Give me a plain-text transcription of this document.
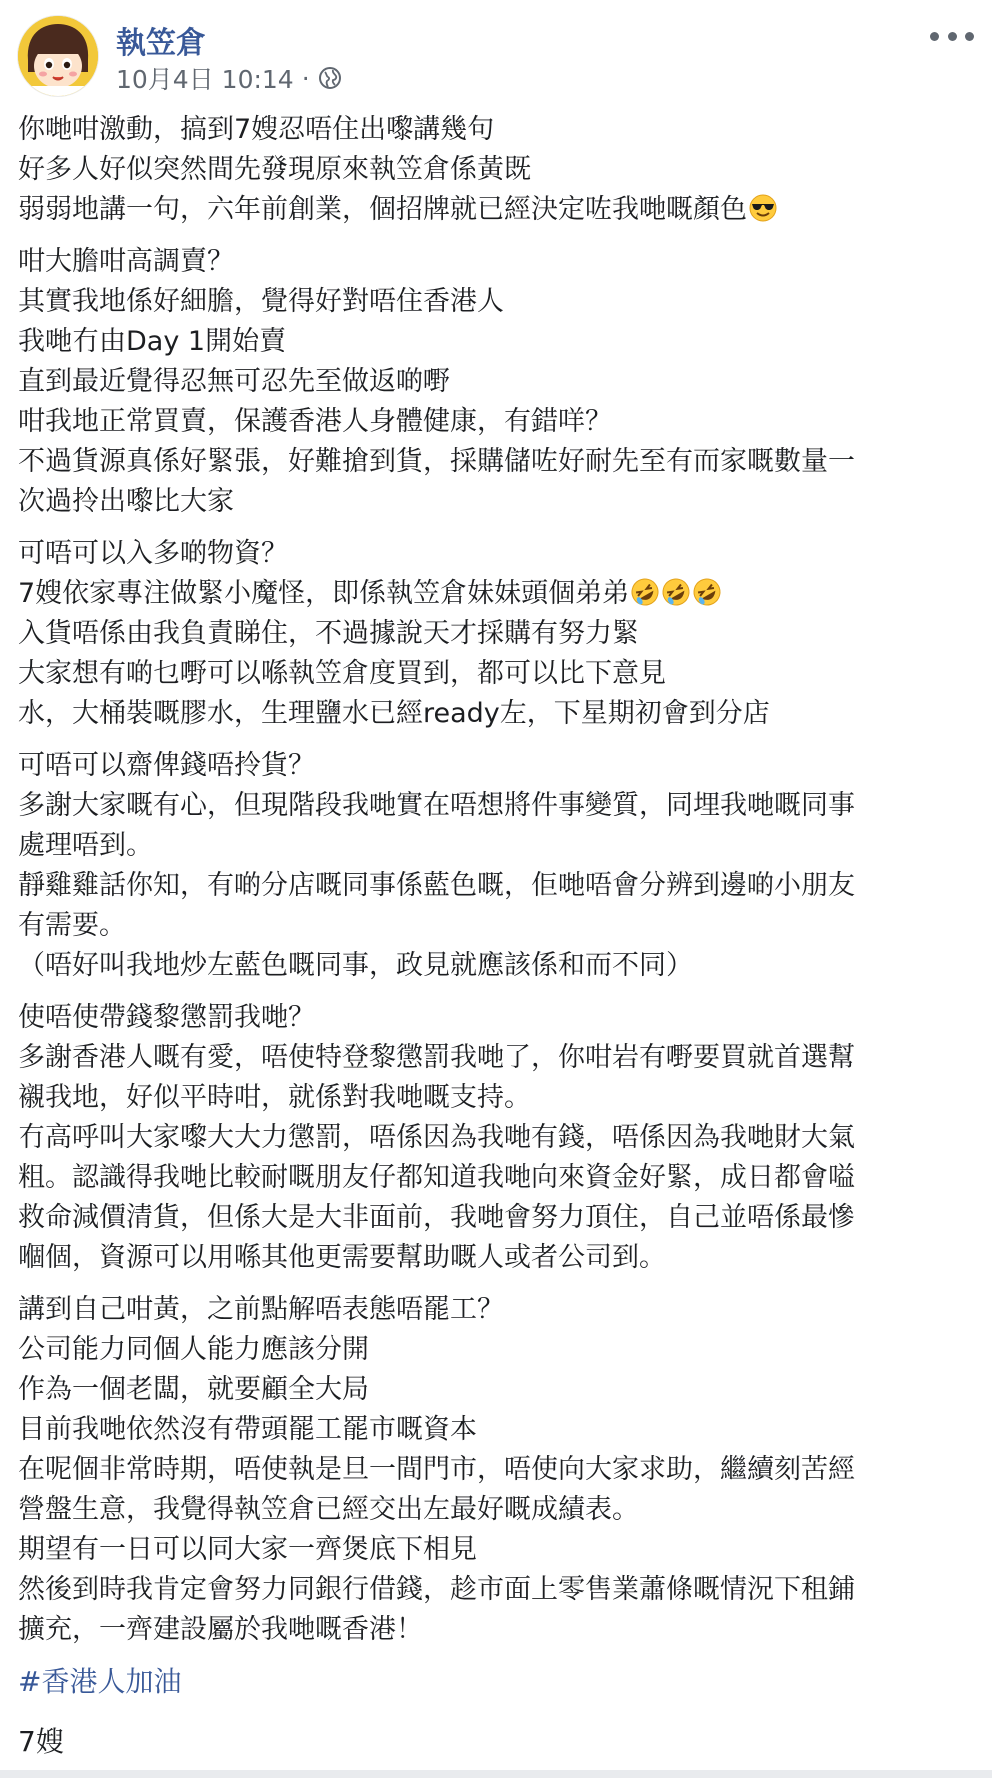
執笠倉
10月4日 10:14 ·
你哋咁激動，搞到7嫂忍唔住出嚟講幾句
好多人好似突然間先發現原來執笠倉係黃既
弱弱地講一句，六年前創業，個招牌就已經決定咗我哋嘅顏色
咁大膽咁高調賣？
其實我地係好細膽，覺得好對唔住香港人
我哋冇由Day 1開始賣
直到最近覺得忍無可忍先至做返啲嘢
咁我地正常買賣，保護香港人身體健康，有錯咩？
不過貨源真係好緊張，好難搶到貨，採購儲咗好耐先至有而家嘅數量一
次過拎出嚟比大家
可唔可以入多啲物資？
7嫂依家專注做緊小魔怪，即係執笠倉妹妹頭個弟弟
入貨唔係由我負責睇住，不過據說天才採購有努力緊
大家想有啲乜嘢可以喺執笠倉度買到，都可以比下意見
水，大桶裝嘅膠水，生理鹽水已經ready左，下星期初會到分店
可唔可以齋俾錢唔拎貨？
多謝大家嘅有心，但現階段我哋實在唔想將件事變質，同埋我哋嘅同事
處理唔到。
靜雞雞話你知，有啲分店嘅同事係藍色嘅，佢哋唔會分辨到邊啲小朋友
有需要。
（唔好叫我地炒左藍色嘅同事，政見就應該係和而不同）
使唔使帶錢黎懲罰我哋？
多謝香港人嘅有愛，唔使特登黎懲罰我哋了，你咁岩有嘢要買就首選幫
襯我地，好似平時咁，就係對我哋嘅支持。
冇高呼叫大家嚟大大力懲罰，唔係因為我哋有錢，唔係因為我哋財大氣
粗。認識得我哋比較耐嘅朋友仔都知道我哋向來資金好緊，成日都會嗌
救命減價清貨，但係大是大非面前，我哋會努力頂住，自己並唔係最慘
嗰個，資源可以用喺其他更需要幫助嘅人或者公司到。
講到自己咁黃，之前點解唔表態唔罷工？
公司能力同個人能力應該分開
作為一個老闆，就要顧全大局
目前我哋依然沒有帶頭罷工罷市嘅資本
在呢個非常時期，唔使執是旦一間門市，唔使向大家求助，繼續刻苦經
營盤生意，我覺得執笠倉已經交出左最好嘅成績表。
期望有一日可以同大家一齊煲底下相見
然後到時我肯定會努力同銀行借錢，趁市面上零售業蕭條嘅情況下租鋪
擴充，一齊建設屬於我哋嘅香港！
#香港人加油
7嫂
